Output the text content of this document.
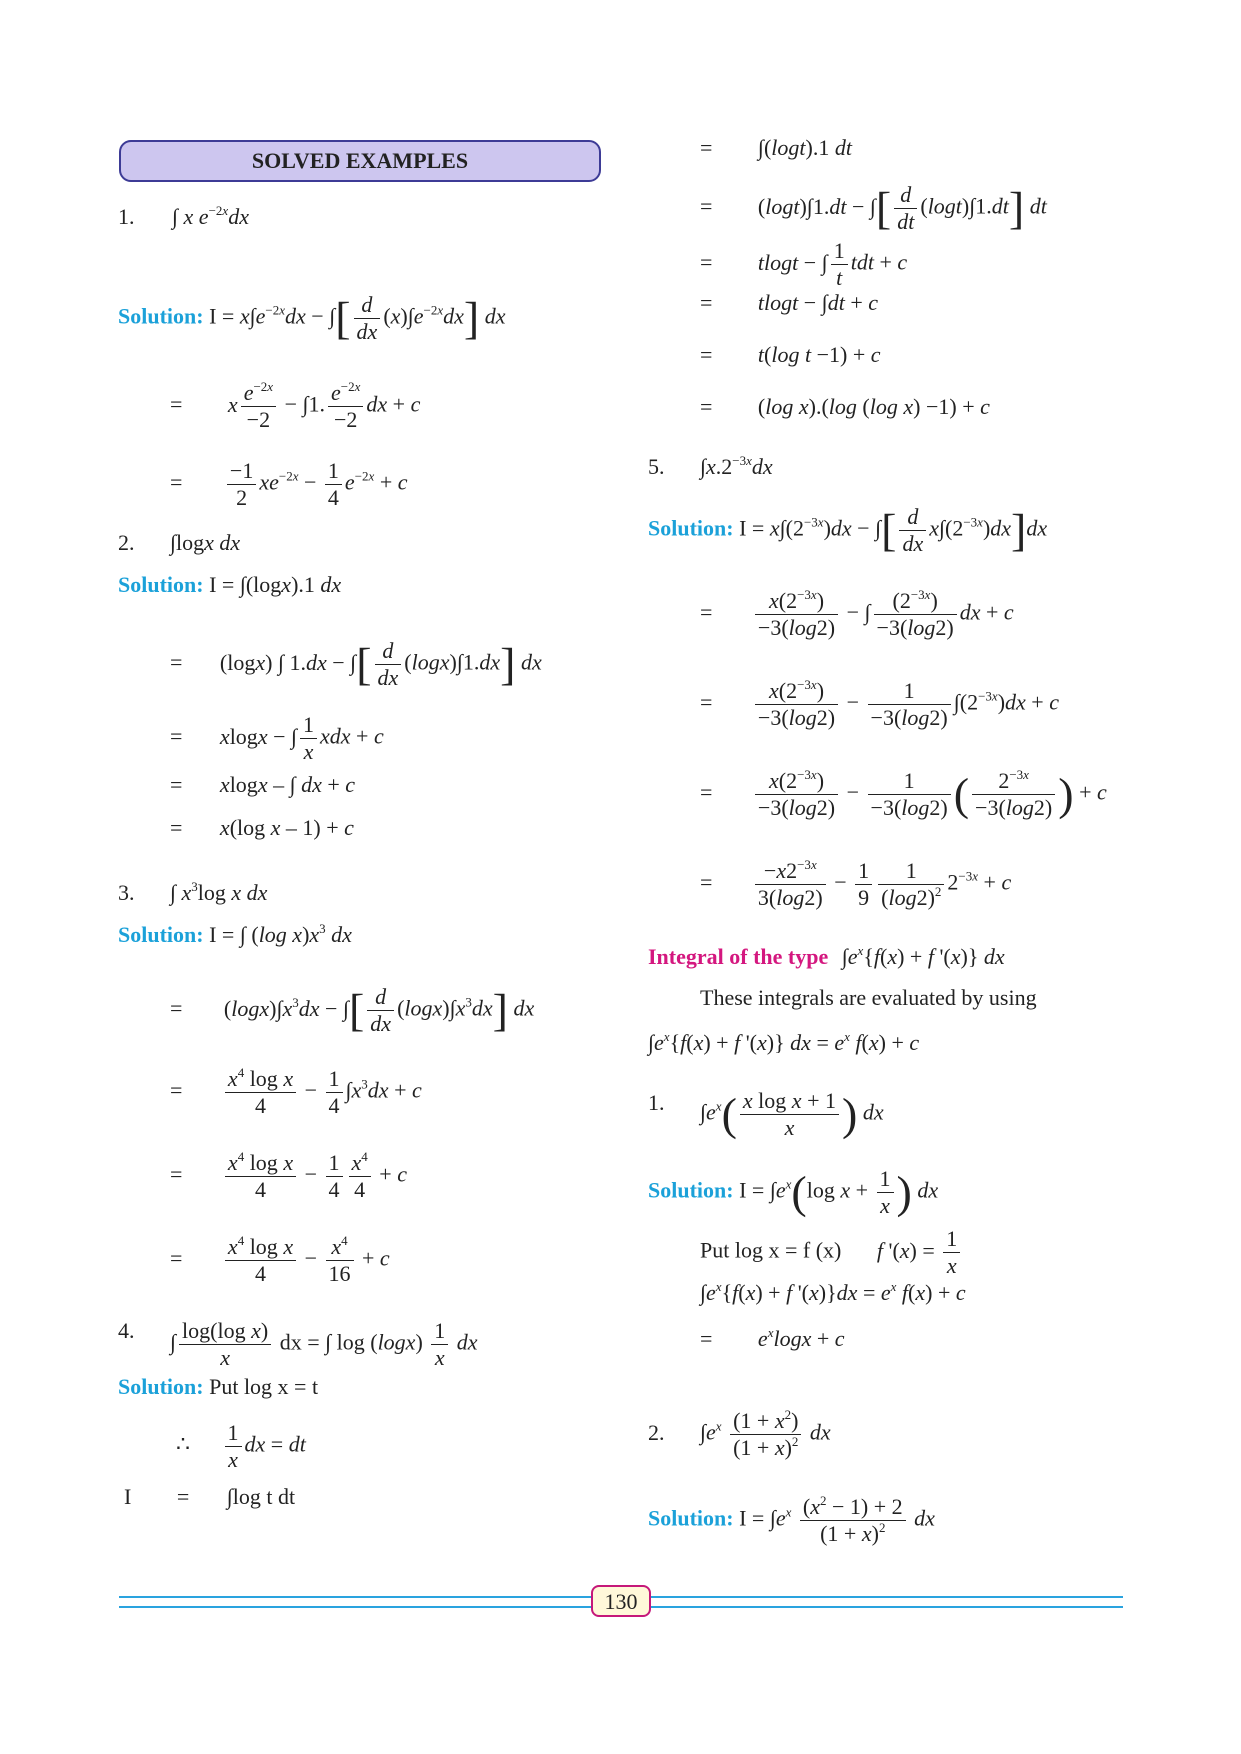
SOLVED EXAMPLES
1. ∫ x $e^{-2x}dx$
Solution: $I = x\int e^{-2x}dx$ − ∫[ $\frac{d}{dx} (x)\int e^{-2x}dx$] dx
= x $\frac{e^{-2x}}{-2} - \int 1$. $\frac{e^{-2x}}{-2}$ dx + c
= $\frac{-1}{2} xe^{-2x} - \frac{1}{4} e^{-2x} + c$
2. ∫logx dx
Solution: I = ∫(logx).1 dx
= (logx) ∫ 1.dx − ∫[ $\frac{d}{dx} (\log x)\int 1.dx$] dx
= xlogx − ∫ $\frac{1}{x}$ xdx + c
= xlogx – ∫ dx + c
= x(log x – 1) + c
3. ∫ $x^3\log$ x dx
Solution: I = ∫ (log $x)x^3$ dx
= $(\log x)\int x^3dx$ − ∫[ $\frac{d}{dx} (\log x)\int x^3dx$] dx
= $\frac{x^4 \log x}{4} - \frac{1}{4} \int x^3dx + c$
= $\frac{x^4 \log x}{4} - \frac{1}{4} \frac{x^4}{4} + c$
= $\frac{x^4 \log x}{4} - \frac{x^4}{16} + c$
4. ∫ $\frac{\text{log(log x)}}{x}$ dx = ∫ $\log (\log x) \frac{1}{x}$ dx
Solution: Put log x = t
∴ $\frac{1}{x}$ dx = dt
I = ∫log t dt
= ∫(logt).1 dt
= (logt)∫1.dt − ∫[ $\frac{d}{dt} (\log t)\int 1.dt$] dt
= tlogt − ∫ $\frac{1}{t}$ tdt + c
= tlogt − ∫dt + c
= t(log t −1) + c
= (log x).(log (log x) −1) + c
5. $\int x.2^{-3x}dx$
Solution: $I = x\int(2^{-3x})dx$ − ∫[ $\frac{d}{dx} x\int(2^{-3x})dx]dx$
= $\frac{x(2^{-3x})}{-3(\log 2)}$ − ∫ $\frac{(2^{-3x})}{-3(\log 2)}$ dx + c
= $\frac{x(2^{-3x})}{-3(\log 2)} - \frac{1}{-3(\log 2)} \int(2^{-3x})dx + c$
= $\frac{x(2^{-3x})}{-3(\log 2)} - \frac{1}{-3(\log 2)}$ ( $\frac{2^{-3x}}{-3(\log 2)}$ ) + c
= $\frac{-x2^{-3x}}{3(\log 2)} - \frac{1}{9} \frac{1}{(\log 2)^2} 2^{-3x} + c$
Integral of the type $\int e^x\{f(x) + f$ '(x)} dx
These integrals are evaluated by using
$\int e^x\{f(x) + f$ '(x)} dx = $e^x$ f(x) + c
1. $\int e^x( \frac{\text{x log x + 1}}{x}$ ) dx
Solution: $I = \int e^x(\log$ $x + \frac{1}{x}$ ) dx
Put log x = f (x) f '$(x) = \frac{1}{x}$
$\int e^x\{f(x) + f$ '$(x)\}dx = e^x$ f(x) + c
= $e^x\log x + c$
2. $\int e^x \frac{(1 + x^2)}{(1 + x)^2}$ dx
Solution: $I = \int e^x \frac{(x^2 - 1) + 2}{(1 + x)^2}$ dx
130
